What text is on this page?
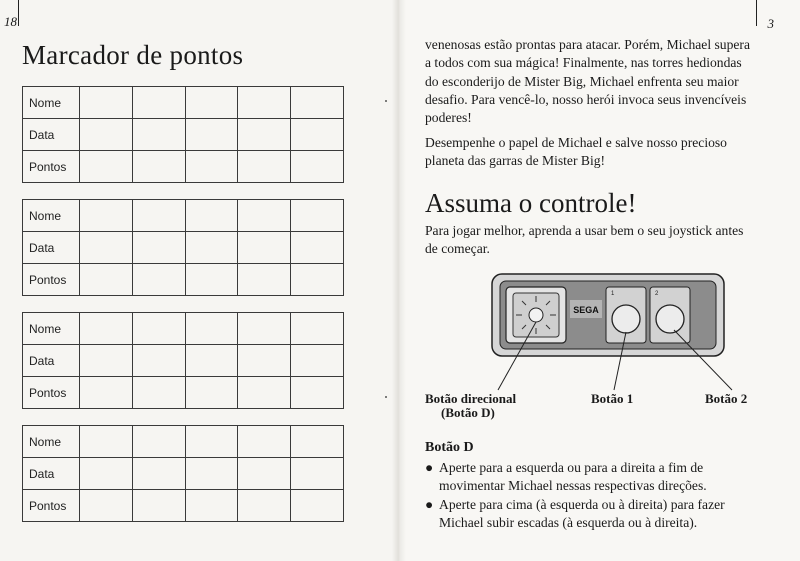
18	3
Marcador de pontos
Nome					
Data					
Pontos					
Nome					
Data					
Pontos					
Nome					
Data					
Pontos					
Nome					
Data					
Pontos					
venenosas estão prontas para atacar. Porém, Michael supera
a todos com sua mágica! Finalmente, nas torres hediondas
do esconderijo de Mister Big, Michael enfrenta seu maior
desafio. Para vencê-lo, nosso herói invoca seus invencíveis
poderes!
Desempenhe o papel de Michael e salve nosso precioso
planeta das garras de Mister Big!
Assuma o controle!
Para jogar melhor, aprenda a usar bem o seu joystick antes
de começar.
SEGA
1	2
Botão direcional
(Botão D)
Botão 1	Botão 2
Botão D
● Aperte para a esquerda ou para a direita a fim de
movimentar Michael nessas respectivas direções.
● Aperte para cima (à esquerda ou à direita) para fazer
Michael subir escadas (à esquerda ou à direita).
